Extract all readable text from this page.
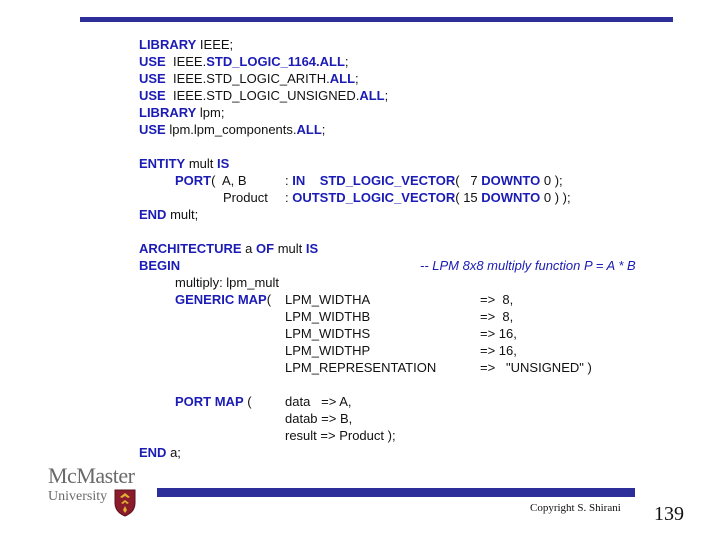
LIBRARY IEEE;
USE  IEEE.STD_LOGIC_1164.ALL;
USE  IEEE.STD_LOGIC_ARITH.ALL;
USE  IEEE.STD_LOGIC_UNSIGNED.ALL;
LIBRARY lpm;
USE lpm.lpm_components.ALL;
ENTITY mult IS
PORT(  A, B	: IN STD_LOGIC_VECTOR(   7 DOWNTO 0 );
Product : OUTSTD_LOGIC_VECTOR( 15 DOWNTO 0 ) );
END mult;
ARCHITECTURE a OF mult IS
BEGIN	-- LPM 8x8 multiply function P = A * B
multiply: lpm_mult
GENERIC MAP( LPM_WIDTHA	=>  8,
LPM_WIDTHB	=>  8,
LPM_WIDTHS	=> 16,
LPM_WIDTHP	=> 16,
LPM_REPRESENTATION	=>   "UNSIGNED" )
PORT MAP (	data   => A,
datab => B,
result => Product );
END a;
McMaster
University
Copyright S. Shirani 139
